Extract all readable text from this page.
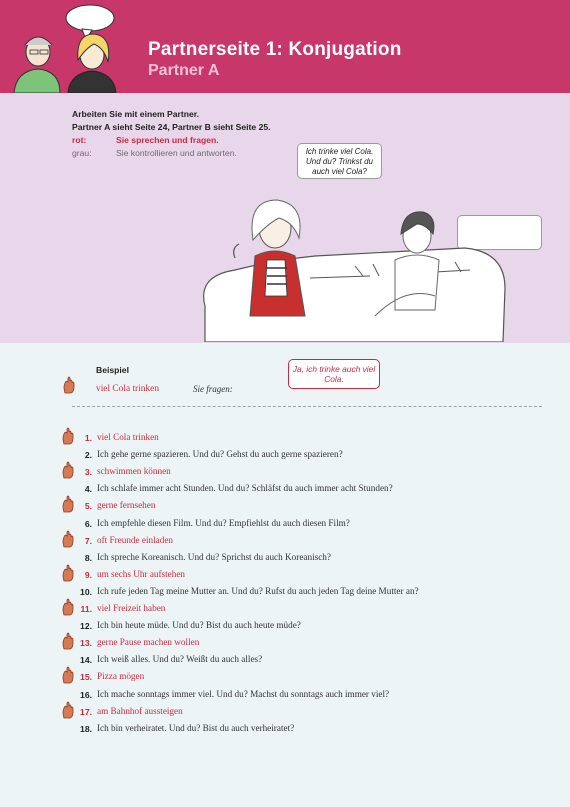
Partnerseite 1: Konjugation
Partner A
Arbeiten Sie mit einem Partner.
Partner A sieht Seite 24, Partner B sieht Seite 25.
rot:	Sie sprechen und fragen.
grau:	Sie kontrollieren und antworten.	Ich trinke viel Cola. Und du? Trinkst du auch viel Cola?
Beispiel
viel Cola trinken	Sie fragen:
Ja, ich trinke auch viel Cola.
1. viel Cola trinken
2. Ich gehe gerne spazieren. Und du? Gehst du auch gerne spazieren?
3. schwimmen können
4. Ich schlafe immer acht Stunden. Und du? Schläfst du auch immer acht Stunden?
5. gerne fernsehen
6. Ich empfehle diesen Film. Und du? Empfiehlst du auch diesen Film?
7. oft Freunde einladen
8. Ich spreche Koreanisch. Und du? Sprichst du auch Koreanisch?
9. um sechs Uhr aufstehen
10. Ich rufe jeden Tag meine Mutter an. Und du? Rufst du auch jeden Tag deine Mutter an?
11. viel Freizeit haben
12. Ich bin heute müde. Und du? Bist du auch heute müde?
13. gerne Pause machen wollen
14. Ich weiß alles. Und du? Weißt du auch alles?
15. Pizza mögen
16. Ich mache sonntags immer viel. Und du? Machst du sonntags auch immer viel?
17. am Bahnhof aussteigen
18. Ich bin verheiratet. Und du? Bist du auch verheiratet?
